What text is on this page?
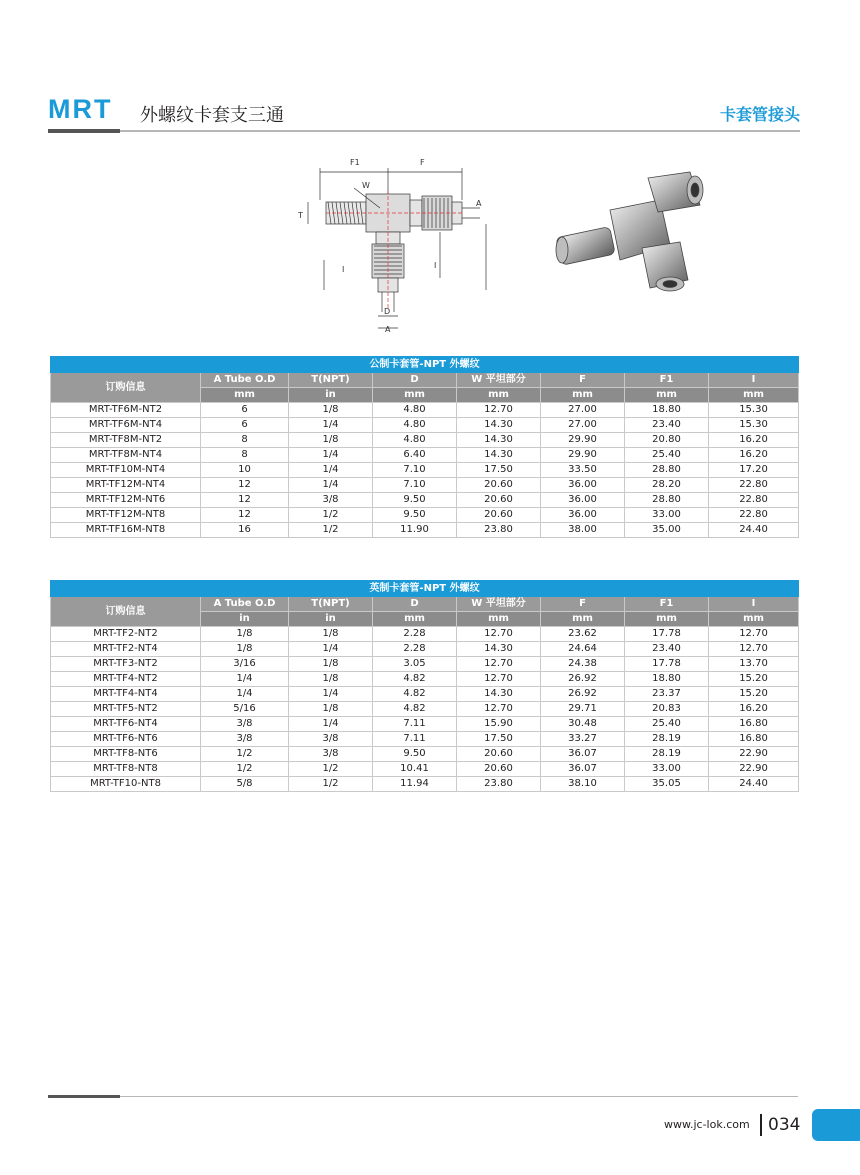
MRT 外螺纹卡套支三通	卡套管接头
F1	F
W
T
A
I	I
D
A
公制卡套管-NPT 外螺纹							
订购信息	A Tube O.D	T(NPT)	D	W 平坦部分	F	F1	I
	mm	in	mm	mm	mm	mm	mm
MRT-TF6M-NT2	6	1/8	4.80	12.70	27.00	18.80	15.30
MRT-TF6M-NT4	6	1/4	4.80	14.30	27.00	23.40	15.30
MRT-TF8M-NT2	8	1/8	4.80	14.30	29.90	20.80	16.20
MRT-TF8M-NT4	8	1/4	6.40	14.30	29.90	25.40	16.20
MRT-TF10M-NT4	10	1/4	7.10	17.50	33.50	28.80	17.20
MRT-TF12M-NT4	12	1/4	7.10	20.60	36.00	28.20	22.80
MRT-TF12M-NT6	12	3/8	9.50	20.60	36.00	28.80	22.80
MRT-TF12M-NT8	12	1/2	9.50	20.60	36.00	33.00	22.80
MRT-TF16M-NT8	16	1/2	11.90	23.80	38.00	35.00	24.40
英制卡套管-NPT 外螺纹							
订购信息	A Tube O.D	T(NPT)	D	W 平坦部分	F	F1	I
	in	in	mm	mm	mm	mm	mm
MRT-TF2-NT2	1/8	1/8	2.28	12.70	23.62	17.78	12.70
MRT-TF2-NT4	1/8	1/4	2.28	14.30	24.64	23.40	12.70
MRT-TF3-NT2	3/16	1/8	3.05	12.70	24.38	17.78	13.70
MRT-TF4-NT2	1/4	1/8	4.82	12.70	26.92	18.80	15.20
MRT-TF4-NT4	1/4	1/4	4.82	14.30	26.92	23.37	15.20
MRT-TF5-NT2	5/16	1/8	4.82	12.70	29.71	20.83	16.20
MRT-TF6-NT4	3/8	1/4	7.11	15.90	30.48	25.40	16.80
MRT-TF6-NT6	3/8	3/8	7.11	17.50	33.27	28.19	16.80
MRT-TF8-NT6	1/2	3/8	9.50	20.60	36.07	28.19	22.90
MRT-TF8-NT8	1/2	1/2	10.41	20.60	36.07	33.00	22.90
MRT-TF10-NT8	5/8	1/2	11.94	23.80	38.10	35.05	24.40
www.jc-lok.com	034
